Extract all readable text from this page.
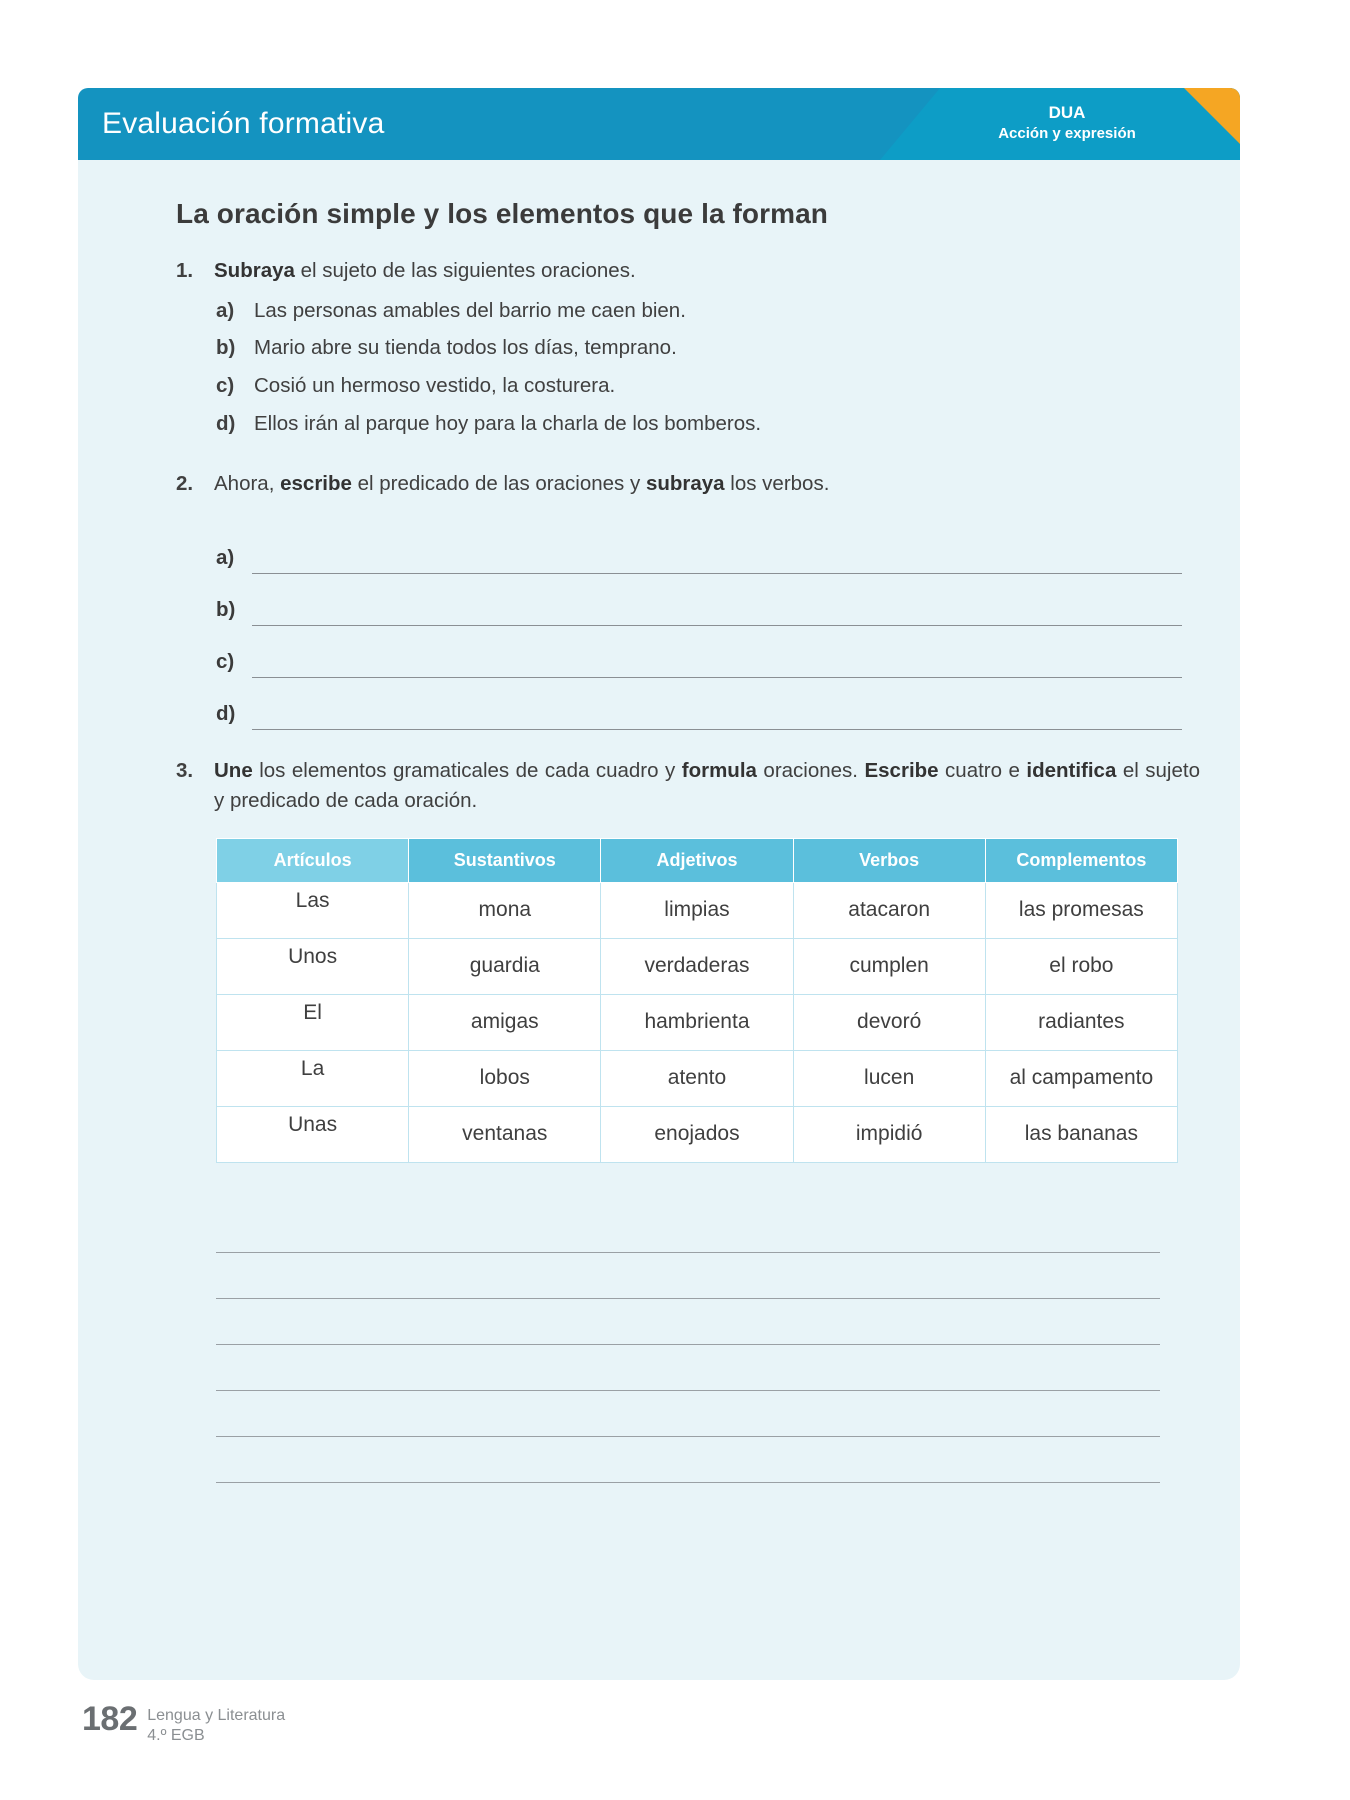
Evaluación formativa	DUA
Acción y expresión
La oración simple y los elementos que la forman
1.	Subraya el sujeto de las siguientes oraciones.
a) Las personas amables del barrio me caen bien.
b) Mario abre su tienda todos los días, temprano.
c) Cosió un hermoso vestido, la costurera.
d) Ellos irán al parque hoy para la charla de los bomberos.
2.	Ahora, escribe el predicado de las oraciones y subraya los verbos.
a)
b)
c)
d)
3.	Une los elementos gramaticales de cada cuadro y formula oraciones. Escribe cuatro e identifica el sujeto y predicado de cada oración.
Artículos	Sustantivos	Adjetivos	Verbos	Complementos
Las	mona	limpias	atacaron	las promesas
Unos	guardia	verdaderas	cumplen	el robo
El	amigas	hambrienta	devoró	radiantes
La	lobos	atento	lucen	al campamento
Unas	ventanas	enojados	impidió	las bananas
182 Lengua y Literatura
4.º EGB
